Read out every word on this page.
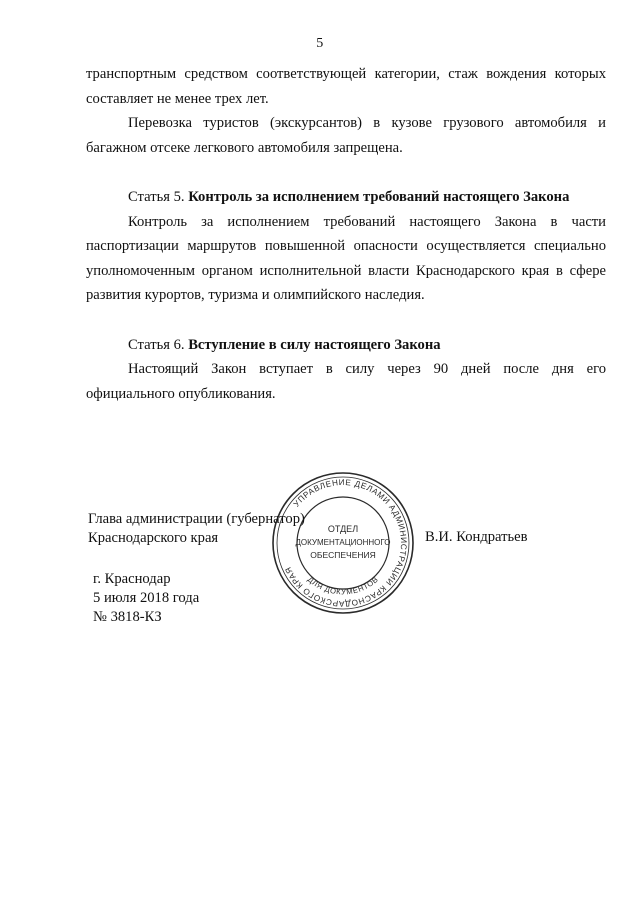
5

транспортным средством соответствующей категории, стаж вождения которых

составляет не менее трех лет.

Перевозка туристов (экскурсантов) в кузове грузового автомобиля и багажном отсеке легкового автомобиля запрещена.

Статья 5. Контроль за исполнением требований настоящего Закона

Контроль за исполнением требований настоящего Закона в части паспортизации маршрутов повышенной опасности осуществляется специально уполномоченным органом исполнительной власти Краснодарского края в сфере развития курортов, туризма и олимпийского наследия.

Статья 6. Вступление в силу настоящего Закона

Настоящий Закон вступает в силу через 90 дней после дня его официального опубликования.

УПРАВЛЕНИЕ ДЕЛАМИ АДМИНИСТРАЦИИ КРАСНОДАРСКОГО КРАЯ
ДЛЯ ДОКУМЕНТОВ
ОТДЕЛ
ДОКУМЕНТАЦИОННОГО
ОБЕСПЕЧЕНИЯ
Глава администрации (губернатор)
Краснодарского края	В.И. Кондратьев
г. Краснодар
5 июля 2018 года
№ 3818-КЗ
